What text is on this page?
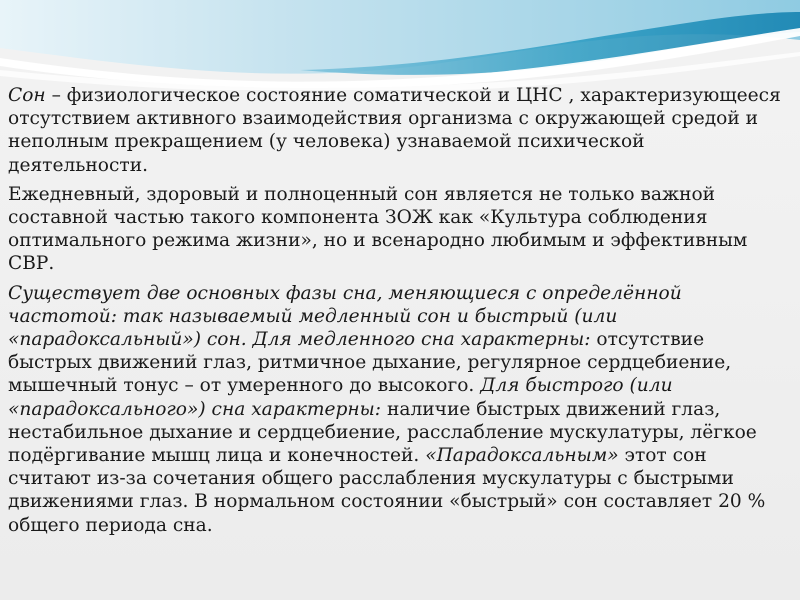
Сон – физиологическое состояние соматической и ЦНС , характеризующееся отсутствием активного взаимодействия организма с окружающей средой и неполным прекращением (у человека) узнаваемой психической деятельности.

Ежедневный, здоровый и полноценный сон является не только важной составной частью такого компонента ЗОЖ как «Культура соблюдения оптимального режима жизни», но и всенародно любимым и эффективным СВР.

Существует две основных фазы сна, меняющиеся с определённой частотой: так называемый медленный сон и быстрый (или «парадоксальный») сон. Для медленного сна характерны: отсутствие быстрых движений глаз, ритмичное дыхание, регулярное сердцебиение, мышечный тонус – от умеренного до высокого. Для быстрого (или «парадоксального») сна характерны: наличие быстрых движений глаз, нестабильное дыхание и сердцебиение, расслабление мускулатуры, лёгкое подёргивание мышц лица и конечностей. «Парадоксальным» этот сон считают из-за сочетания общего расслабления мускулатуры с быстрыми движениями глаз. В нормальном состоянии «быстрый» сон составляет 20 % общего периода сна.
